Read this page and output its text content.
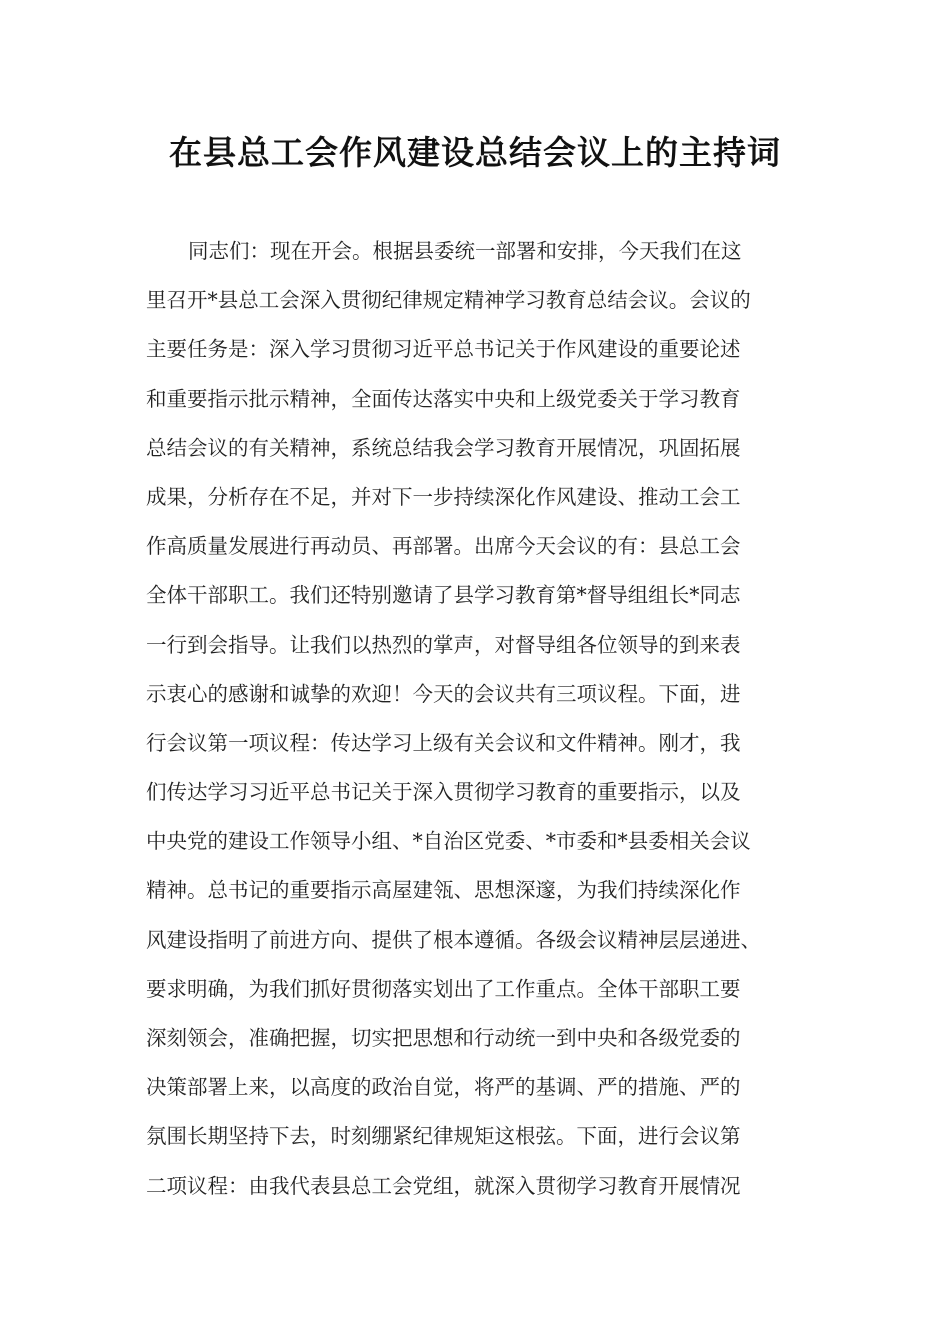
在县总工会作风建设总结会议上的主持词
同志们：现在开会。根据县委统一部署和安排，今天我们在这
里召开*县总工会深入贯彻纪律规定精神学习教育总结会议。会议的
主要任务是：深入学习贯彻习近平总书记关于作风建设的重要论述
和重要指示批示精神，全面传达落实中央和上级党委关于学习教育
总结会议的有关精神，系统总结我会学习教育开展情况，巩固拓展
成果，分析存在不足，并对下一步持续深化作风建设、推动工会工
作高质量发展进行再动员、再部署。出席今天会议的有：县总工会
全体干部职工。我们还特别邀请了县学习教育第*督导组组长*同志
一行到会指导。让我们以热烈的掌声，对督导组各位领导的到来表
示衷心的感谢和诚挚的欢迎！今天的会议共有三项议程。下面，进
行会议第一项议程：传达学习上级有关会议和文件精神。刚才，我
们传达学习习近平总书记关于深入贯彻学习教育的重要指示，以及
中央党的建设工作领导小组、*自治区党委、*市委和*县委相关会议
精神。总书记的重要指示高屋建瓴、思想深邃，为我们持续深化作
风建设指明了前进方向、提供了根本遵循。各级会议精神层层递进、
要求明确，为我们抓好贯彻落实划出了工作重点。全体干部职工要
深刻领会，准确把握，切实把思想和行动统一到中央和各级党委的
决策部署上来，以高度的政治自觉，将严的基调、严的措施、严的
氛围长期坚持下去，时刻绷紧纪律规矩这根弦。下面，进行会议第
二项议程：由我代表县总工会党组，就深入贯彻学习教育开展情况
